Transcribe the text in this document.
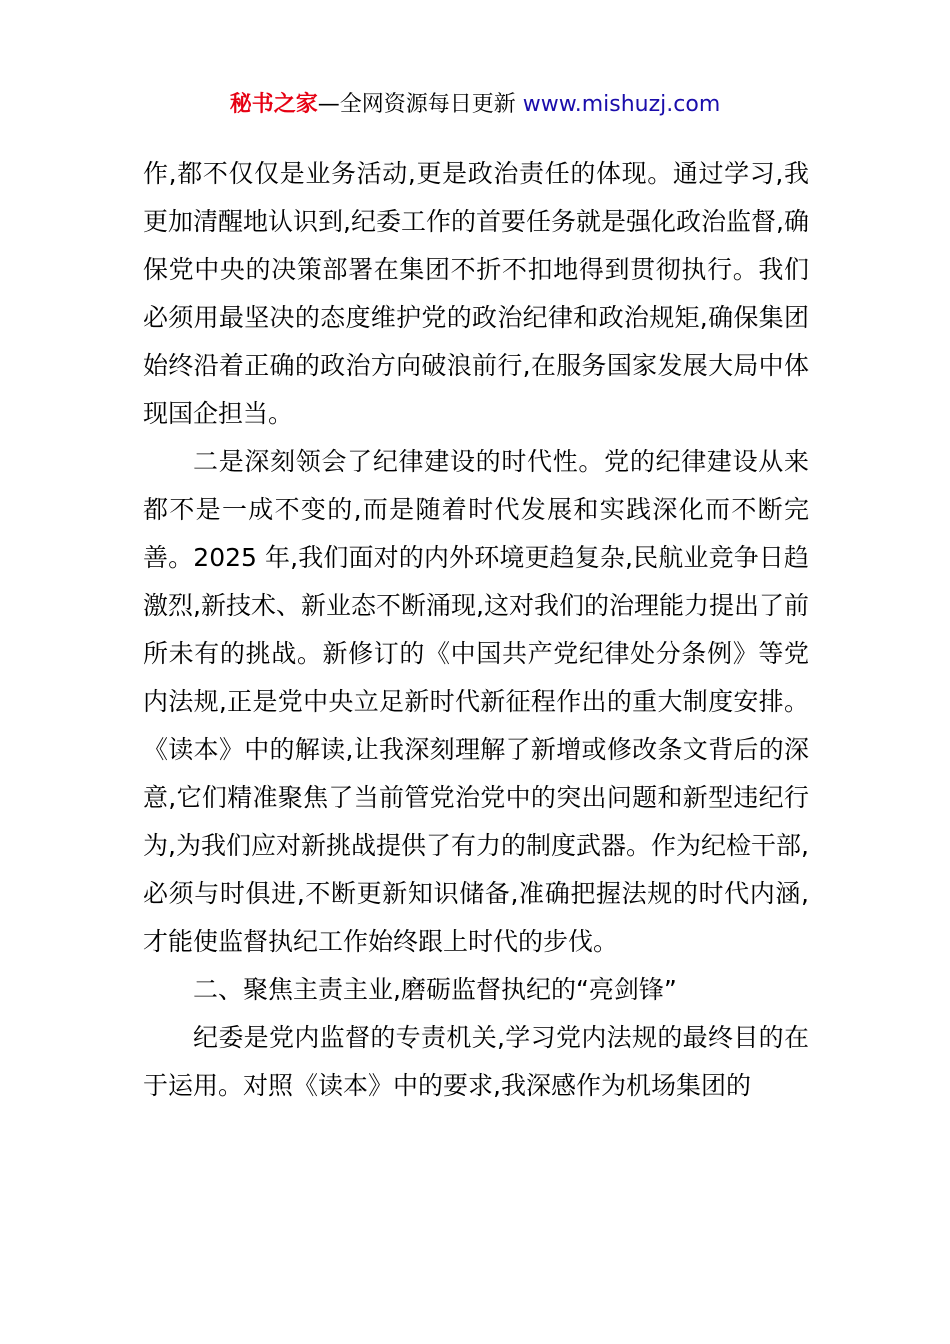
秘书之家—全网资源每日更新 www.mishuzj.com

作,都不仅仅是业务活动,更是政治责任的体现。通过学习,我更加清醒地认识到,纪委工作的首要任务就是强化政治监督,确保党中央的决策部署在集团不折不扣地得到贯彻执行。我们必须用最坚决的态度维护党的政治纪律和政治规矩,确保集团始终沿着正确的政治方向破浪前行,在服务国家发展大局中体现国企担当。

二是深刻领会了纪律建设的时代性。党的纪律建设从来都不是一成不变的,而是随着时代发展和实践深化而不断完善。2025 年,我们面对的内外环境更趋复杂,民航业竞争日趋激烈,新技术、新业态不断涌现,这对我们的治理能力提出了前所未有的挑战。新修订的《中国共产党纪律处分条例》等党内法规,正是党中央立足新时代新征程作出的重大制度安排。《读本》中的解读,让我深刻理解了新增或修改条文背后的深意,它们精准聚焦了当前管党治党中的突出问题和新型违纪行为,为我们应对新挑战提供了有力的制度武器。作为纪检干部,必须与时俱进,不断更新知识储备,准确把握法规的时代内涵,才能使监督执纪工作始终跟上时代的步伐。

二、聚焦主责主业,磨砺监督执纪的“亮剑锋”

纪委是党内监督的专责机关,学习党内法规的最终目的在于运用。对照《读本》中的要求,我深感作为机场集团的
